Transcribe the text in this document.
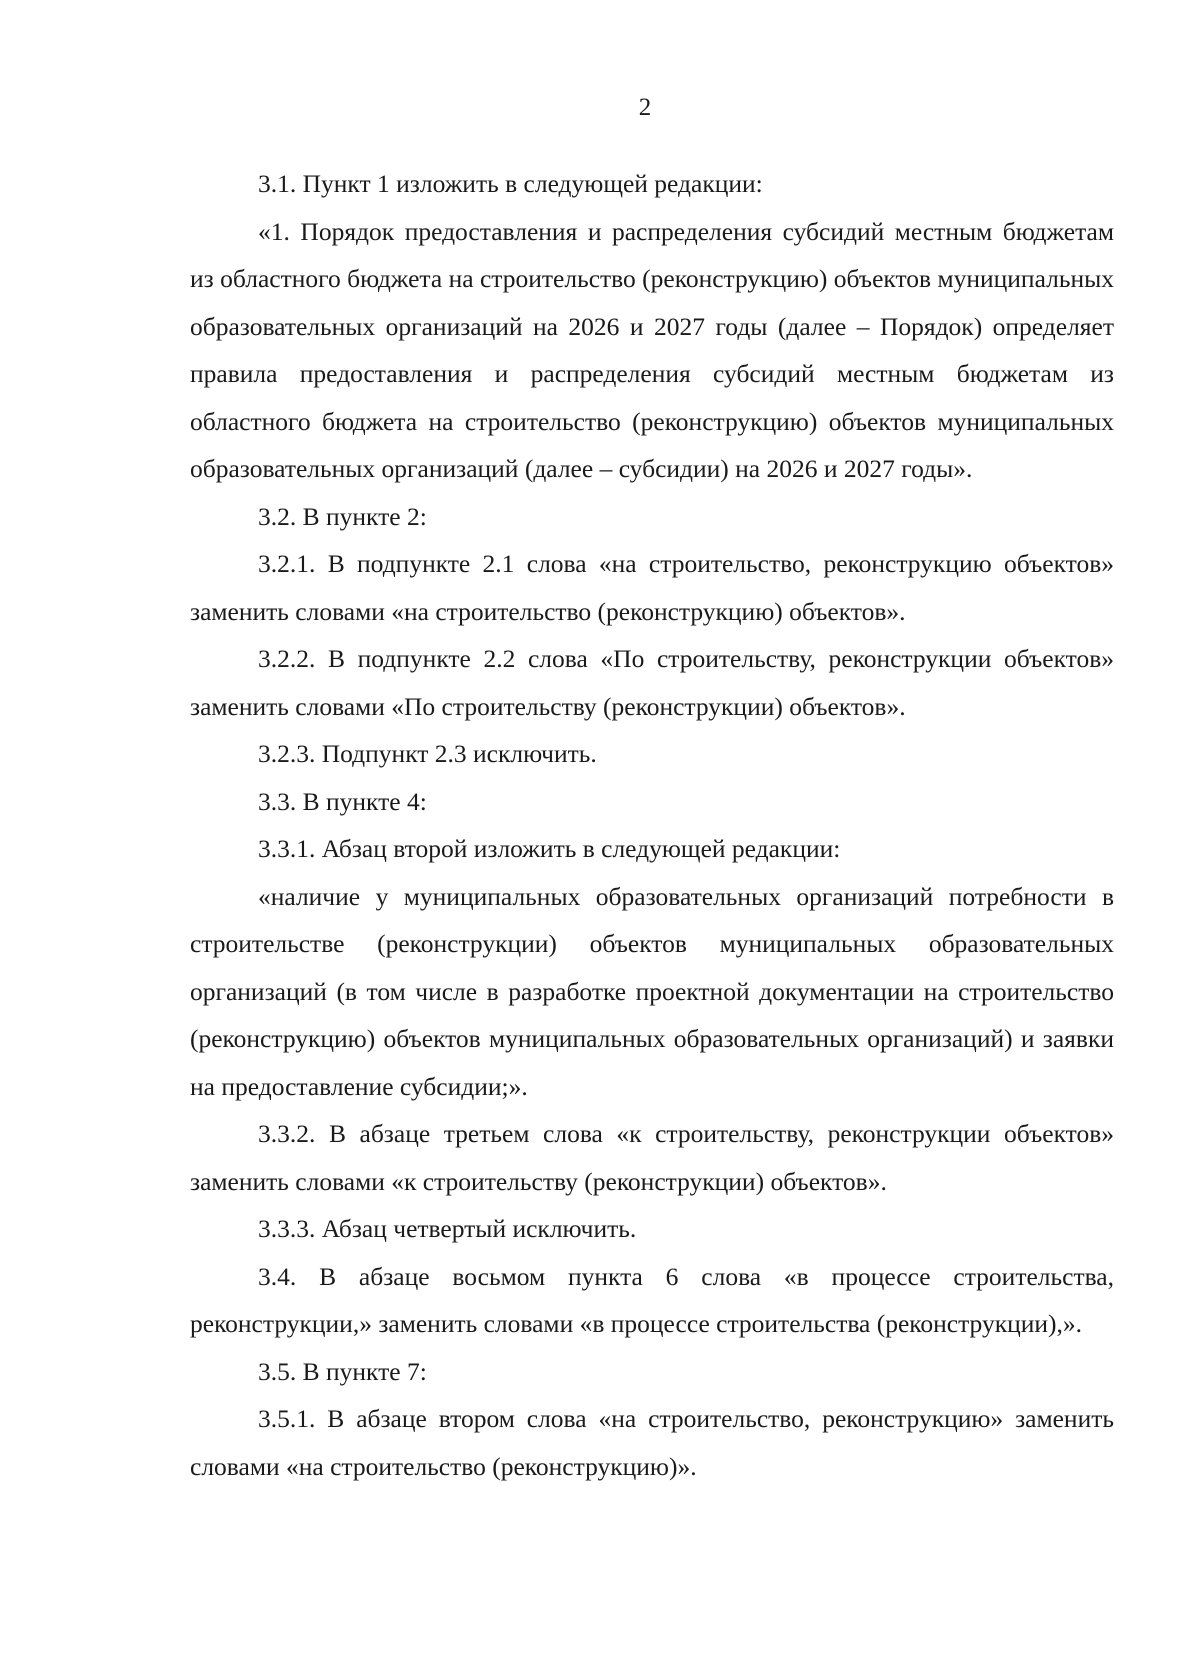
2

3.1. Пункт 1 изложить в следующей редакции:

«1. Порядок предоставления и распределения субсидий местным бюджетам из областного бюджета на строительство (реконструкцию) объектов муниципальных образовательных организаций на 2026 и 2027 годы (далее – Порядок) определяет правила предоставления и распределения субсидий местным бюджетам из областного бюджета на строительство (реконструкцию) объектов муниципальных образовательных организаций (далее – субсидии) на 2026 и 2027 годы».

3.2. В пункте 2:

3.2.1. В подпункте 2.1 слова «на строительство, реконструкцию объектов» заменить словами «на строительство (реконструкцию) объектов».

3.2.2. В подпункте 2.2 слова «По строительству, реконструкции объектов» заменить словами «По строительству (реконструкции) объектов».

3.2.3. Подпункт 2.3 исключить.

3.3. В пункте 4:

3.3.1. Абзац второй изложить в следующей редакции:

«наличие у муниципальных образовательных организаций потребности в строительстве (реконструкции) объектов муниципальных образовательных организаций (в том числе в разработке проектной документации на строительство (реконструкцию) объектов муниципальных образовательных организаций) и заявки на предоставление субсидии;».

3.3.2. В абзаце третьем слова «к строительству, реконструкции объектов» заменить словами «к строительству (реконструкции) объектов».

3.3.3. Абзац четвертый исключить.

3.4. В абзаце восьмом пункта 6 слова «в процессе строительства, реконструкции,» заменить словами «в процессе строительства (реконструкции),».

3.5. В пункте 7:

3.5.1. В абзаце втором слова «на строительство, реконструкцию» заменить словами «на строительство (реконструкцию)».
